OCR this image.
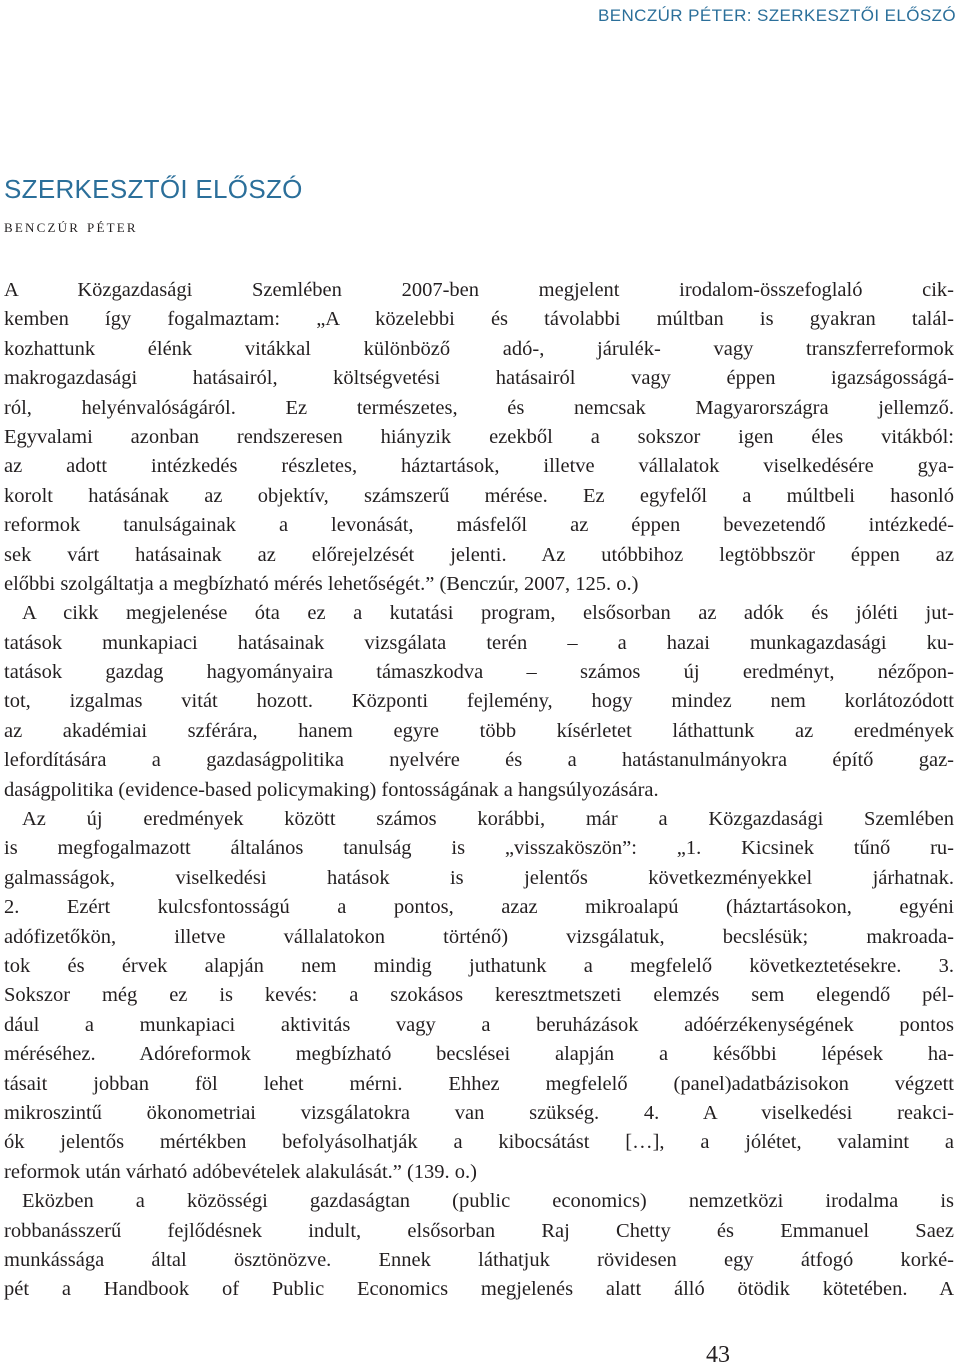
BENCZÚR PÉTER: SZERKESZTŐI ELŐSZÓ
SZERKESZTŐI ELŐSZÓ
benczúr péter
A Közgazdasági Szemlében 2007-ben megjelent irodalom-összefoglaló cik-
kemben így fogalmaztam: „A közelebbi és távolabbi múltban is gyakran talál-
kozhattunk élénk vitákkal különböző adó-, járulék- vagy transzferreformok
makrogazdasági hatásairól, költségvetési hatásairól vagy éppen igazságosságá-
ról, helyénvalóságáról. Ez természetes, és nemcsak Magyarországra jellemző.
Egyvalami azonban rendszeresen hiányzik ezekből a sokszor igen éles vitákból:
az adott intézkedés részletes, háztartások, illetve vállalatok viselkedésére gya-
korolt hatásának az objektív, számszerű mérése. Ez egyfelől a múltbeli hasonló
reformok tanulságainak a levonását, másfelől az éppen bevezetendő intézkedé-
sek várt hatásainak az előrejelzését jelenti. Az utóbbihoz legtöbbször éppen az
előbbi szolgáltatja a megbízható mérés lehetőségét.” (Benczúr, 2007, 125. o.)
A cikk megjelenése óta ez a kutatási program, elsősorban az adók és jóléti jut-
tatások munkapiaci hatásainak vizsgálata terén – a hazai munkagazdasági ku-
tatások gazdag hagyományaira támaszkodva – számos új eredményt, nézőpon-
tot, izgalmas vitát hozott. Központi fejlemény, hogy mindez nem korlátozódott
az akadémiai szférára, hanem egyre több kísérletet láthattunk az eredmények
lefordítására a gazdaságpolitika nyelvére és a hatástanulmányokra építő gaz-
daságpolitika (evidence-based policymaking) fontosságának a hangsúlyozására.
Az új eredmények között számos korábbi, már a Közgazdasági Szemlében
is megfogalmazott általános tanulság is „visszaköszön”: „1. Kicsinek tűnő ru-
galmasságok, viselkedési hatások is jelentős következményekkel járhatnak.
2. Ezért kulcsfontosságú a pontos, azaz mikroalapú (háztartásokon, egyéni
adófizetőkön, illetve vállalatokon történő) vizsgálatuk, becslésük; makroada-
tok és érvek alapján nem mindig juthatunk a megfelelő következtetésekre. 3.
Sokszor még ez is kevés: a szokásos keresztmetszeti elemzés sem elegendő pél-
dául a munkapiaci aktivitás vagy a beruházások adóérzékenységének pontos
méréséhez. Adóreformok megbízható becslései alapján a későbbi lépések ha-
tásait jobban föl lehet mérni. Ehhez megfelelő (panel)adatbázisokon végzett
mikroszintű ökonometriai vizsgálatokra van szükség. 4. A viselkedési reakci-
ók jelentős mértékben befolyásolhatják a kibocsátást […], a jólétet, valamint a
reformok után várható adóbevételek alakulását.” (139. o.)
Eközben a közösségi gazdaságtan (public economics) nemzetközi irodalma is
robbanásszerű fejlődésnek indult, elsősorban Raj Chetty és Emmanuel Saez
munkássága által ösztönözve. Ennek láthatjuk rövidesen egy átfogó korké-
pét a Handbook of Public Economics megjelenés alatt álló ötödik kötetében. A
43
